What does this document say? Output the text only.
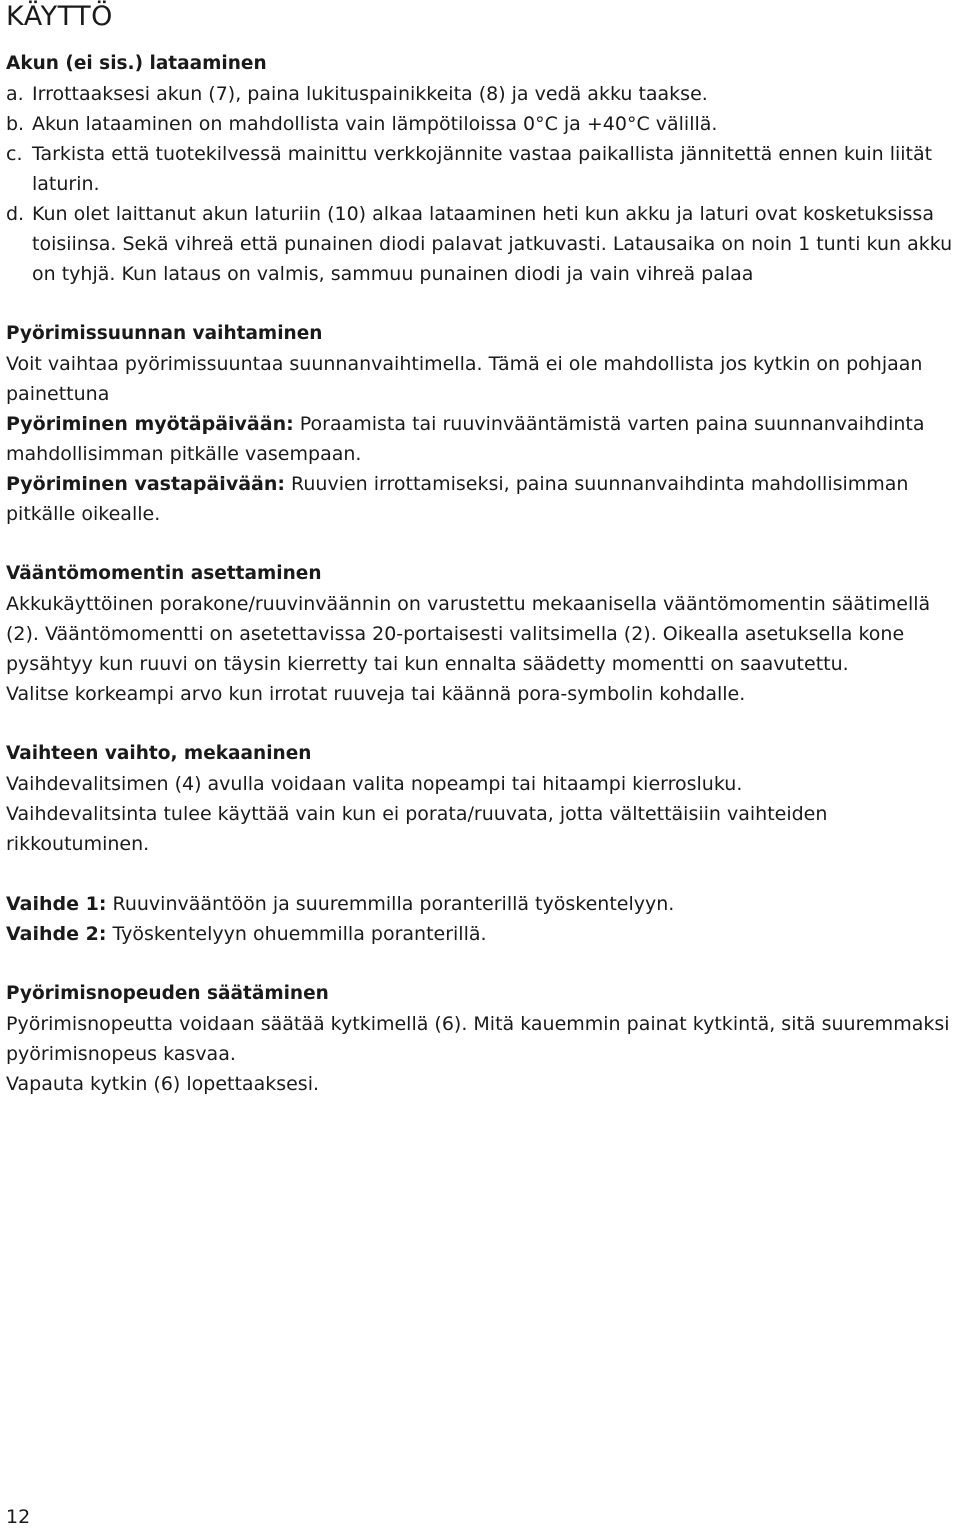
KÄYTTÖ
Akun (ei sis.) lataaminen
a. Irrottaaksesi akun (7), paina lukituspainikkeita (8) ja vedä akku taakse.
b. Akun lataaminen on mahdollista vain lämpötiloissa 0°C ja +40°C välillä.
c. Tarkista että tuotekilvessä mainittu verkkojännite vastaa paikallista jännitettä ennen kuin liität laturin.
d. Kun olet laittanut akun laturiin (10) alkaa lataaminen heti kun akku ja laturi ovat kosketuksissa toisiinsa. Sekä vihreä että punainen diodi palavat jatkuvasti. Latausaika on noin 1 tunti kun akku on tyhjä. Kun lataus on valmis, sammuu punainen diodi ja vain vihreä palaa
Pyörimissuunnan vaihtaminen
Voit vaihtaa pyörimissuuntaa suunnanvaihtimella. Tämä ei ole mahdollista jos kytkin on pohjaan painettuna
Pyöriminen myötäpäivään: Poraamista tai ruuvinvääntämistä varten paina suunnanvaihdinta mahdollisimman pitkälle vasempaan.
Pyöriminen vastapäivään: Ruuvien irrottamiseksi, paina suunnanvaihdinta mahdollisimman pitkälle oikealle.
Vääntömomentin asettaminen
Akkukäyttöinen porakone/ruuvinväännin on varustettu mekaanisella vääntömomentin säätimellä (2). Vääntömomentti on asetettavissa 20-portaisesti valitsimella (2). Oikealla asetuksella kone pysähtyy kun ruuvi on täysin kierretty tai kun ennalta säädetty momentti on saavutettu.
Valitse korkeampi arvo kun irrotat ruuveja tai käännä pora-symbolin kohdalle.
Vaihteen vaihto, mekaaninen
Vaihdevalitsimen (4) avulla voidaan valita nopeampi tai hitaampi kierrosluku.
Vaihdevalitsinta tulee käyttää vain kun ei porata/ruuvata, jotta vältettäisiin vaihteiden rikkoutuminen.
Vaihde 1: Ruuvinvääntöön ja suuremmilla poranterillä työskentelyyn.
Vaihde 2: Työskentelyyn ohuemmilla poranterillä.
Pyörimisnopeuden säätäminen
Pyörimisnopeutta voidaan säätää kytkimellä (6). Mitä kauemmin painat kytkintä, sitä suuremmaksi pyörimisnopeus kasvaa.
Vapauta kytkin (6) lopettaaksesi.
12
